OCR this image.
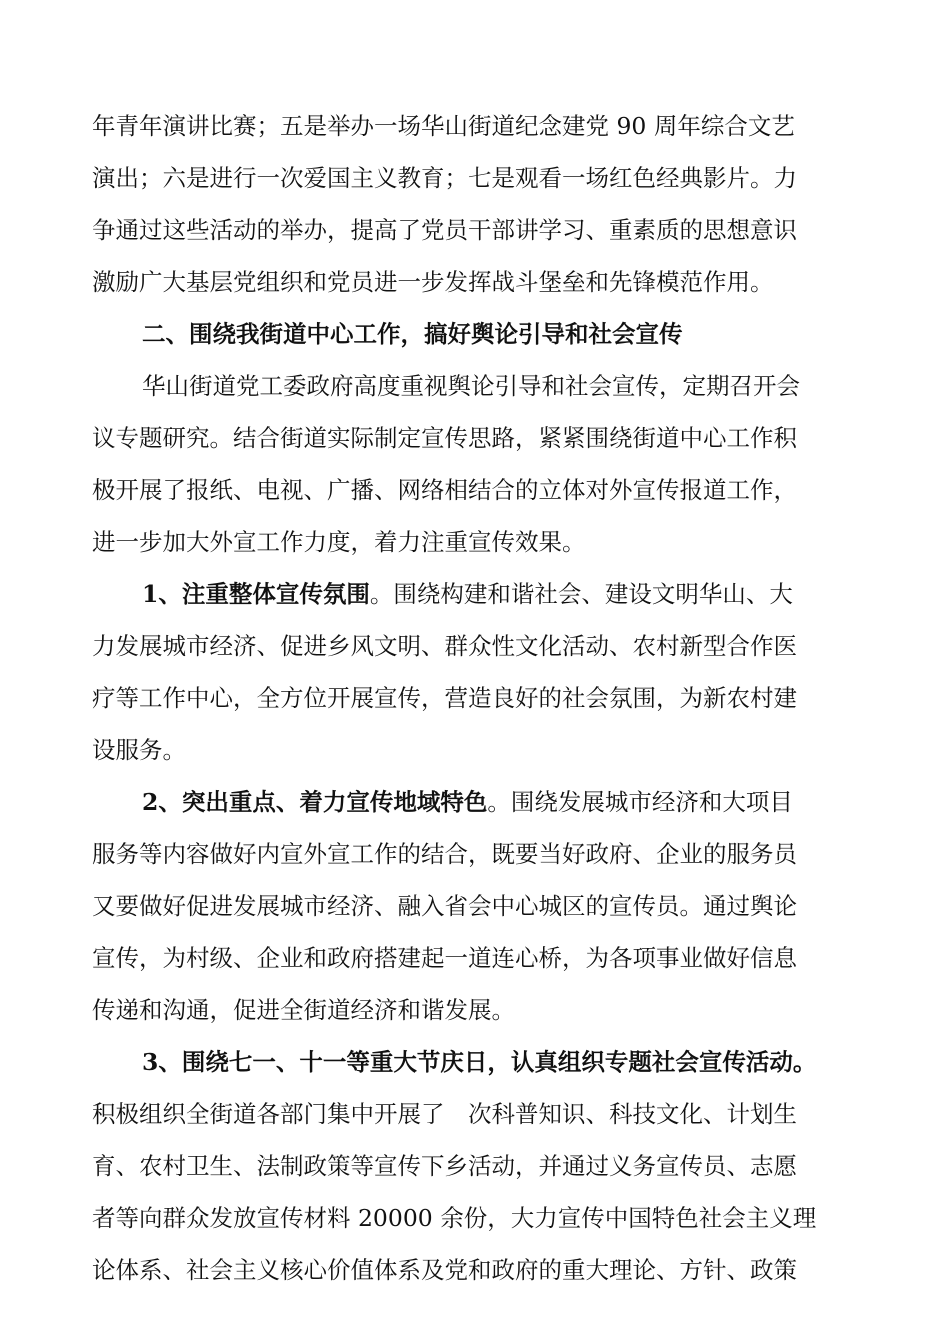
年青年演讲比赛；五是举办一场华山街道纪念建党 90 周年综合文艺
演出；六是进行一次爱国主义教育；七是观看一场红色经典影片。力
争通过这些活动的举办，提高了党员干部讲学习、重素质的思想意识
激励广大基层党组织和党员进一步发挥战斗堡垒和先锋模范作用。
二、围绕我街道中心工作，搞好舆论引导和社会宣传
华山街道党工委政府高度重视舆论引导和社会宣传，定期召开会
议专题研究。结合街道实际制定宣传思路，紧紧围绕街道中心工作积
极开展了报纸、电视、广播、网络相结合的立体对外宣传报道工作，
进一步加大外宣工作力度，着力注重宣传效果。
1、注重整体宣传氛围。围绕构建和谐社会、建设文明华山、大
力发展城市经济、促进乡风文明、群众性文化活动、农村新型合作医
疗等工作中心，全方位开展宣传，营造良好的社会氛围，为新农村建
设服务。
2、突出重点、着力宣传地域特色。围绕发展城市经济和大项目
服务等内容做好内宣外宣工作的结合，既要当好政府、企业的服务员
又要做好促进发展城市经济、融入省会中心城区的宣传员。通过舆论
宣传，为村级、企业和政府搭建起一道连心桥，为各项事业做好信息
传递和沟通，促进全街道经济和谐发展。
3、围绕七一、十一等重大节庆日，认真组织专题社会宣传活动。
积极组织全街道各部门集中开展了　次科普知识、科技文化、计划生
育、农村卫生、法制政策等宣传下乡活动，并通过义务宣传员、志愿
者等向群众发放宣传材料 20000 余份，大力宣传中国特色社会主义理
论体系、社会主义核心价值体系及党和政府的重大理论、方针、政策
